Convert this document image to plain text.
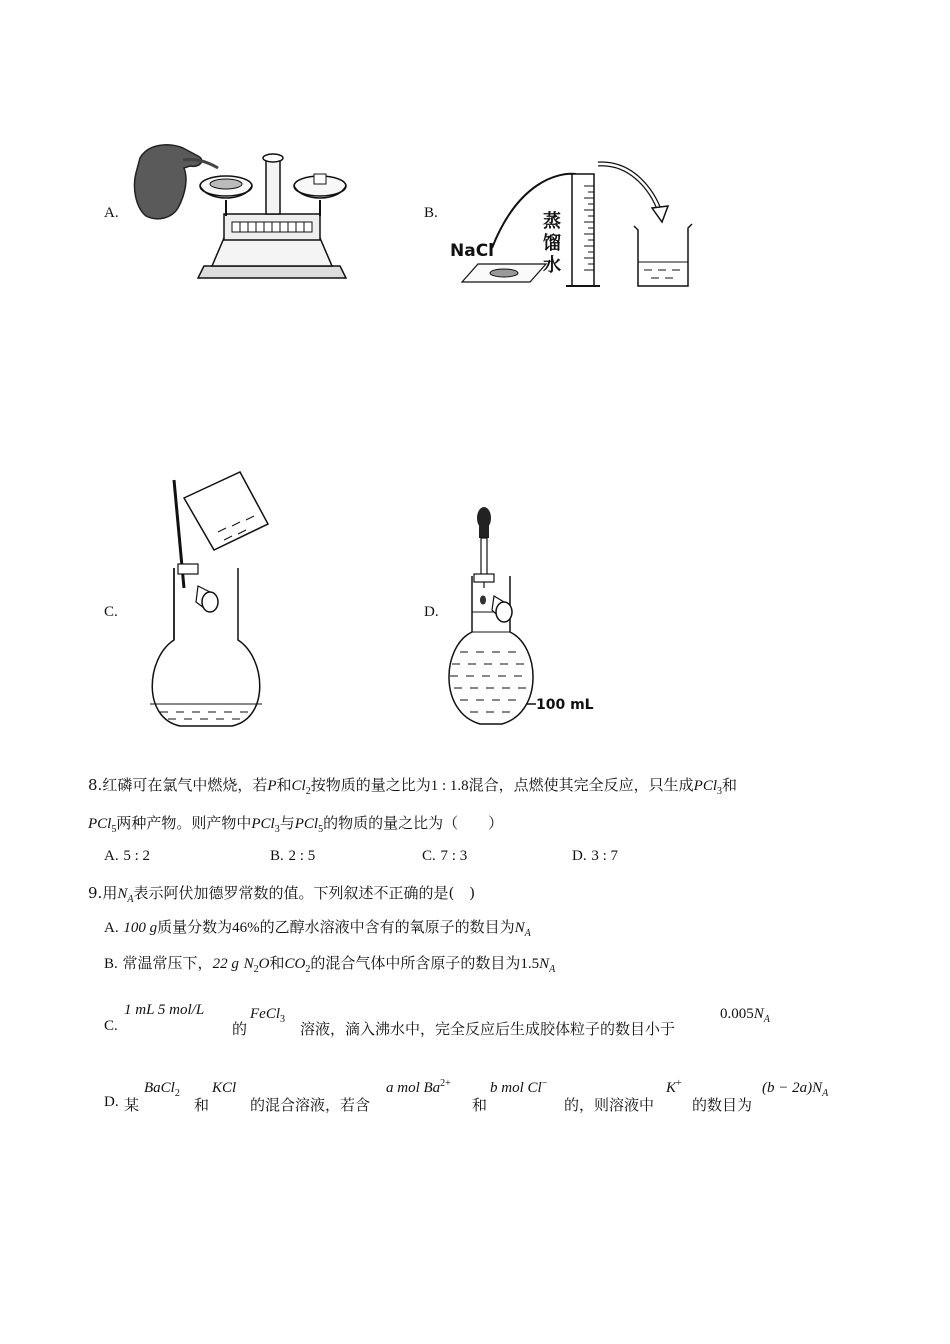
A.	B.
C.	D.
NaCl
蒸
馏
水
100 mL
8.红磷可在氯气中燃烧，若P和$Cl_2$按物质的量之比为1 : 1.8混合，点燃使其完全反应，只生成PCl$_3$和
PCl$_5$两种产物。则产物中PCl$_3$与PCl$_5$的物质的量之比为（　　）
A. 5 : 2	B. 2 : 5	C. 7 : 3	D. 3 : 7
9.用$N_A$表示阿伏加德罗常数的值。下列叙述不正确的是(　)
A. 100 g质量分数为46%的乙醇水溶液中含有的氧原子的数目为$N_A$
B. 常温常压下，22 g $N_2O$和$CO_2$的混合气体中所含原子的数目为$1.5N_A$
C.
1 mL 5 mol/L
的
FeCl$_3$
溶液，滴入沸水中，完全反应后生成胶体粒子的数目小于
$0.005N_A$
D. 某
BaCl$_2$
和
KCl
的混合溶液，若含
a mol $Ba^{2+}$
和
b mol Cl−
的，则溶液中
K+
的数目为
$(b - 2a)N_A$
